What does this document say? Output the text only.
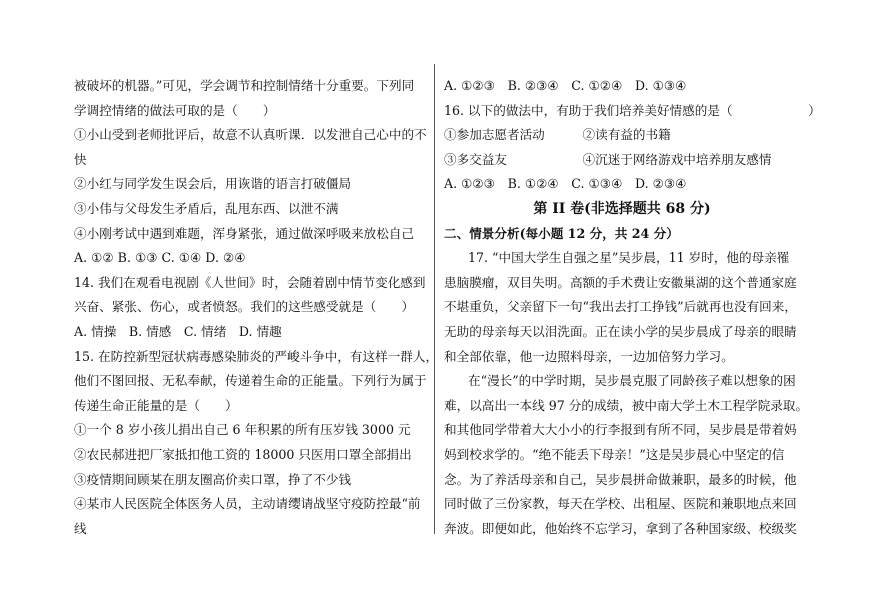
被破坏的机器。”可见，学会调节和控制情绪十分重要。下列同
学调控情绪的做法可取的是（　　）
①小山受到老师批评后，故意不认真听课．以发泄自己心中的不
快
②小红与同学发生误会后，用诙谐的语言打破僵局
③小伟与父母发生矛盾后，乱甩东西、以泄不满
④小刚考试中遇到难题，浑身紧张，通过做深呼吸来放松自己
A. ①② B. ①③ C. ①④ D. ②④
14. 我们在观看电视剧《人世间》时，会随着剧中情节变化感到
兴奋、紧张、伤心，或者愤怒。我们的这些感受就是（　　）
A. 情操　B. 情感　C. 情绪　D. 情趣
15. 在防控新型冠状病毒感染肺炎的严峻斗争中，有这样一群人，
他们不图回报、无私奉献，传递着生命的正能量。下列行为属于
传递生命正能量的是（　　）
①一个 8 岁小孩儿捐出自己 6 年积累的所有压岁钱 3000 元
②农民郝进把厂家抵扣他工资的 18000 只医用口罩全部捐出
③疫情期间顾某在朋友圈高价卖口罩，挣了不少钱
④某市人民医院全体医务人员，主动请缨请战坚守疫防控最“前
线
A. ①②③　B. ②③④　C. ①②④　D. ①③④
16. 以下的做法中，有助于我们培养美好情感的是（　　　　　　）
①参加志愿者活动　　　②读有益的书籍
③多交益友　　　　　　④沉迷于网络游戏中培养朋友感情
A. ①②③　B. ①②④　C. ①③④　D. ②③④
第 II 卷(非选择题共 68 分)
二、情景分析(每小题 12 分，共 24 分）
17. “中国大学生自强之星”吴步晨，11 岁时，他的母亲罹
患脑膜瘤，双目失明。高额的手术费让安徽巢湖的这个普通家庭
不堪重负，父亲留下一句“我出去打工挣钱”后就再也没有回来，
无助的母亲每天以泪洗面。正在读小学的吴步晨成了母亲的眼睛
和全部依靠，他一边照料母亲，一边加倍努力学习。
在“漫长”的中学时期，吴步晨克服了同龄孩子难以想象的困
难，以高出一本线 97 分的成绩，被中南大学土木工程学院录取。
和其他同学带着大大小小的行李报到有所不同，吴步晨是带着妈
妈到校求学的。“绝不能丢下母亲！”这是吴步晨心中坚定的信
念。为了养活母亲和自己，吴步晨拼命做兼职，最多的时候，他
同时做了三份家教，每天在学校、出租屋、医院和兼职地点来回
奔波。即便如此，他始终不忘学习，拿到了各种国家级、校级奖
